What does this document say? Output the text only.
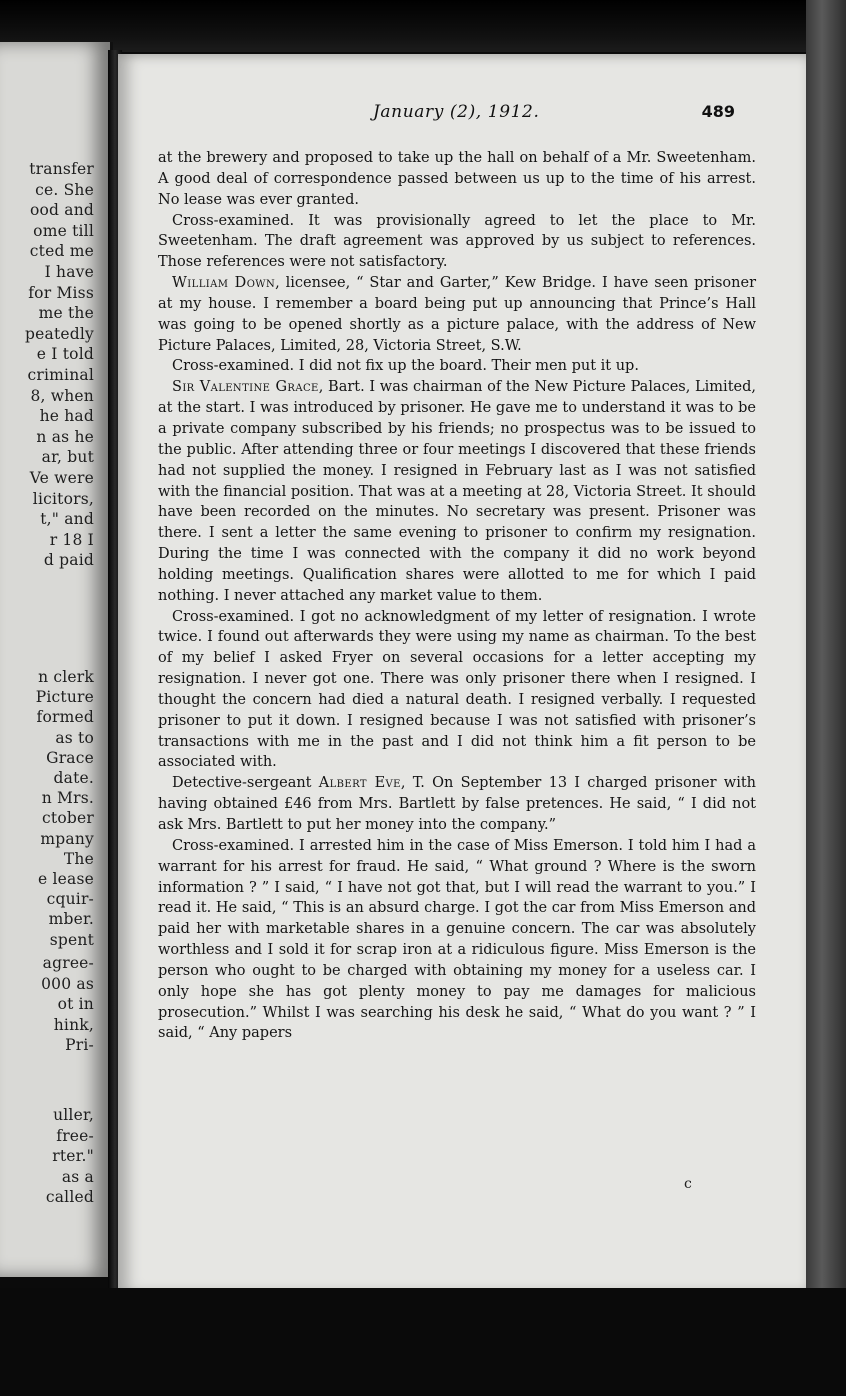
transfer
ce. She
ood and
ome till
cted me
I have
for Miss
me the
peatedly
e I told
criminal
8, when
he had
n as he
ar, but
Ve were
licitors,
t," and
r 18 I
d paid
n clerk
Picture
formed
as to
Grace
date.
n Mrs.
ctober
mpany
The
e lease
cquir-
mber.
spent
agree-
000 as
ot in
hink,
Pri-
uller,
free-
rter."
as a
called
January (2), 1912.	489

at the brewery and proposed to take up the hall on behalf of a Mr. Sweetenham. A good deal of correspondence passed between us up to the time of his arrest. No lease was ever granted.

Cross-examined. It was provisionally agreed to let the place to Mr. Sweetenham. The draft agreement was approved by us subject to references. Those references were not satisfactory.

William Down, licensee, “ Star and Garter,” Kew Bridge. I have seen prisoner at my house. I remember a board being put up announcing that Prince’s Hall was going to be opened shortly as a picture palace, with the address of New Picture Palaces, Limited, 28, Victoria Street, S.W.

Cross-examined. I did not fix up the board. Their men put it up.

Sir Valentine Grace, Bart. I was chairman of the New Picture Palaces, Limited, at the start. I was introduced by prisoner. He gave me to understand it was to be a private company subscribed by his friends; no prospectus was to be issued to the public. After attending three or four meetings I discovered that these friends had not supplied the money. I resigned in February last as I was not satisfied with the financial position. That was at a meeting at 28, Victoria Street. It should have been recorded on the minutes. No secretary was present. Prisoner was there. I sent a letter the same evening to prisoner to confirm my resignation. During the time I was connected with the company it did no work beyond holding meetings. Qualification shares were allotted to me for which I paid nothing. I never attached any market value to them.

Cross-examined. I got no acknowledgment of my letter of resignation. I wrote twice. I found out afterwards they were using my name as chairman. To the best of my belief I asked Fryer on several occasions for a letter accepting my resignation. I never got one. There was only prisoner there when I resigned. I thought the concern had died a natural death. I resigned verbally. I requested prisoner to put it down. I resigned because I was not satisfied with prisoner’s transactions with me in the past and I did not think him a fit person to be associated with.

Detective-sergeant Albert Eve, T. On September 13 I charged prisoner with having obtained £46 from Mrs. Bartlett by false pretences. He said, “ I did not ask Mrs. Bartlett to put her money into the company.”

Cross-examined. I arrested him in the case of Miss Emerson. I told him I had a warrant for his arrest for fraud. He said, “ What ground ? Where is the sworn information ? ” I said, “ I have not got that, but I will read the warrant to you.” I read it. He said, “ This is an absurd charge. I got the car from Miss Emerson and paid her with marketable shares in a genuine concern. The car was absolutely worthless and I sold it for scrap iron at a ridiculous figure. Miss Emerson is the person who ought to be charged with obtaining my money for a useless car. I only hope she has got plenty money to pay me damages for malicious prosecution.” Whilst I was searching his desk he said, “ What do you want ? ” I said, “ Any papers

c
